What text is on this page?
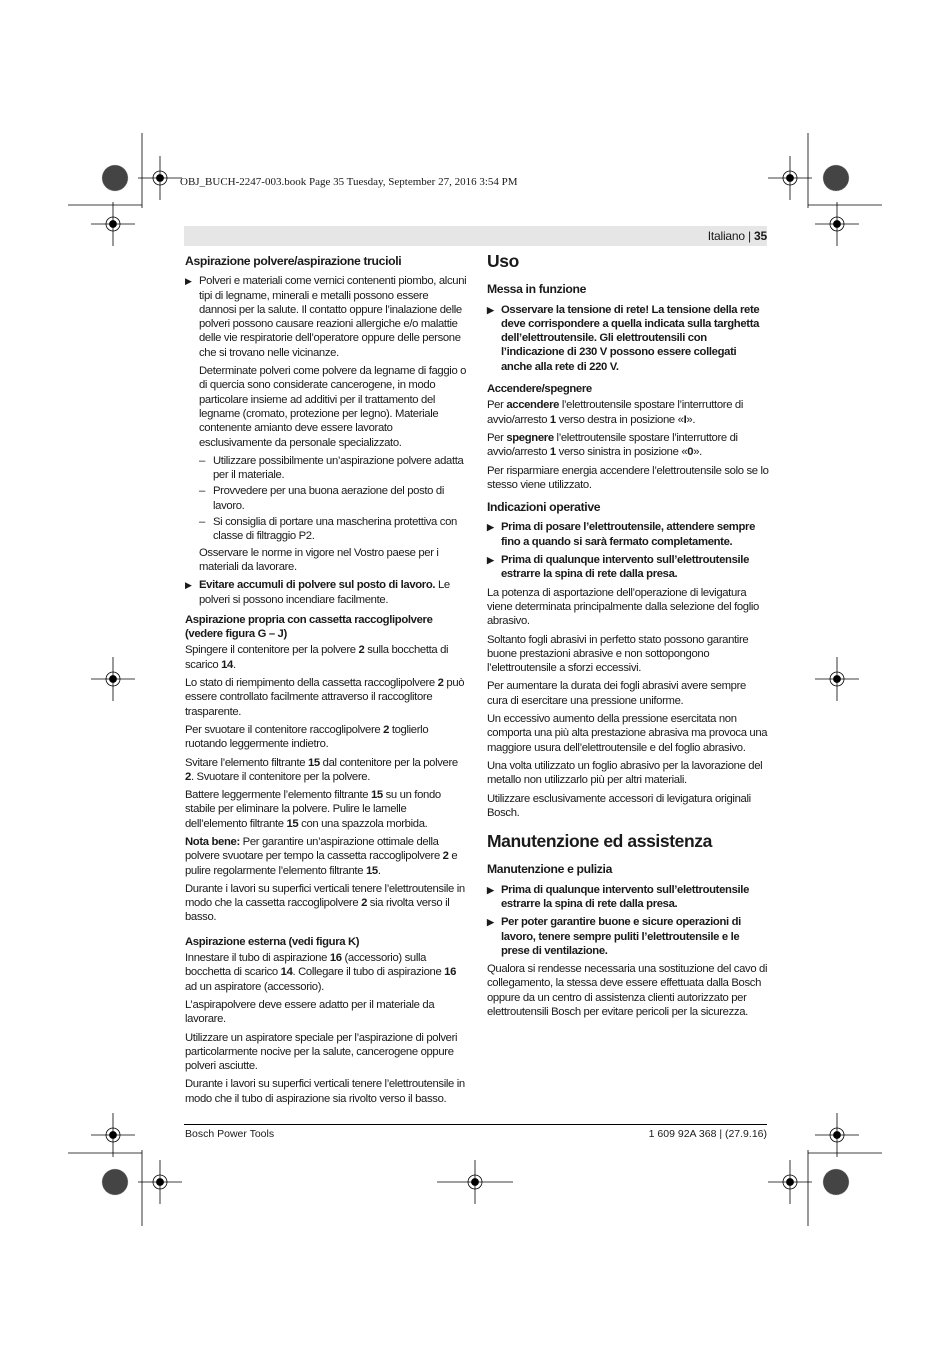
OBJ_BUCH-2247-003.book Page 35 Tuesday, September 27, 2016 3:54 PM
Italiano | 35
Aspirazione polvere/aspirazione trucioli
▶ Polveri e materiali come vernici contenenti piombo, alcuni tipi di legname, minerali e metalli possono essere dannosi per la salute. Il contatto oppure l’inalazione delle polveri possono causare reazioni allergiche e/o malattie delle vie respiratorie dell’operatore oppure delle persone che si trovano nelle vicinanze.

Determinate polveri come polvere da legname di faggio o di quercia sono considerate cancerogene, in modo particolare insieme ad additivi per il trattamento del legname (cromato, protezione per legno). Materiale contenente amianto deve essere lavorato esclusivamente da personale specializzato.

– Utilizzare possibilmente un’aspirazione polvere adatta per il materiale.
– Provvedere per una buona aerazione del posto di lavoro.
– Si consiglia di portare una mascherina protettiva con classe di filtraggio P2.

Osservare le norme in vigore nel Vostro paese per i materiali da lavorare.

▶ Evitare accumuli di polvere sul posto di lavoro. Le polveri si possono incendiare facilmente.
Aspirazione propria con cassetta raccoglipolvere (vedere figura G – J)

Spingere il contenitore per la polvere 2 sulla bocchetta di scarico 14.

Lo stato di riempimento della cassetta raccoglipolvere 2 può essere controllato facilmente attraverso il raccoglitore trasparente.

Per svuotare il contenitore raccoglipolvere 2 toglierlo ruotando leggermente indietro.

Svitare l’elemento filtrante 15 dal contenitore per la polvere 2. Svuotare il contenitore per la polvere.

Battere leggermente l’elemento filtrante 15 su un fondo stabile per eliminare la polvere. Pulire le lamelle dell’elemento filtrante 15 con una spazzola morbida.

Nota bene: Per garantire un’aspirazione ottimale della polvere svuotare per tempo la cassetta raccoglipolvere 2 e pulire regolarmente l’elemento filtrante 15.

Durante i lavori su superfici verticali tenere l’elettroutensile in modo che la cassetta raccoglipolvere 2 sia rivolta verso il basso.

Aspirazione esterna (vedi figura K)

Innestare il tubo di aspirazione 16 (accessorio) sulla bocchetta di scarico 14. Collegare il tubo di aspirazione 16 ad un aspiratore (accessorio).

L’aspirapolvere deve essere adatto per il materiale da lavorare.

Utilizzare un aspiratore speciale per l’aspirazione di polveri particolarmente nocive per la salute, cancerogene oppure polveri asciutte.

Durante i lavori su superfici verticali tenere l’elettroutensile in modo che il tubo di aspirazione sia rivolto verso il basso.

Uso
Messa in funzione
▶ Osservare la tensione di rete! La tensione della rete deve corrispondere a quella indicata sulla targhetta dell’elettroutensile. Gli elettroutensili con l’indicazione di 230 V possono essere collegati anche alla rete di 220 V.
Accendere/spegnere

Per accendere l’elettroutensile spostare l’interruttore di avvio/arresto 1 verso destra in posizione «I».

Per spegnere l’elettroutensile spostare l’interruttore di avvio/arresto 1 verso sinistra in posizione «0».

Per risparmiare energia accendere l’elettroutensile solo se lo stesso viene utilizzato.

Indicazioni operative
▶ Prima di posare l’elettroutensile, attendere sempre fino a quando si sarà fermato completamente.
▶ Prima di qualunque intervento sull’elettroutensile estrarre la spina di rete dalla presa.

La potenza di asportazione dell’operazione di levigatura viene determinata principalmente dalla selezione del foglio abrasivo.

Soltanto fogli abrasivi in perfetto stato possono garantire buone prestazioni abrasive e non sottopongono l’elettroutensile a sforzi eccessivi.

Per aumentare la durata dei fogli abrasivi avere sempre cura di esercitare una pressione uniforme.

Un eccessivo aumento della pressione esercitata non comporta una più alta prestazione abrasiva ma provoca una maggiore usura dell’elettroutensile e del foglio abrasivo.

Una volta utilizzato un foglio abrasivo per la lavorazione del metallo non utilizzarlo più per altri materiali.

Utilizzare esclusivamente accessori di levigatura originali Bosch.

Manutenzione ed assistenza
Manutenzione e pulizia
▶ Prima di qualunque intervento sull’elettroutensile estrarre la spina di rete dalla presa.
▶ Per poter garantire buone e sicure operazioni di lavoro, tenere sempre puliti l’elettroutensile e le prese di ventilazione.

Qualora si rendesse necessaria una sostituzione del cavo di collegamento, la stessa deve essere effettuata dalla Bosch oppure da un centro di assistenza clienti autorizzato per elettroutensili Bosch per evitare pericoli per la sicurezza.

Bosch Power Tools	1 609 92A 368 | (27.9.16)
